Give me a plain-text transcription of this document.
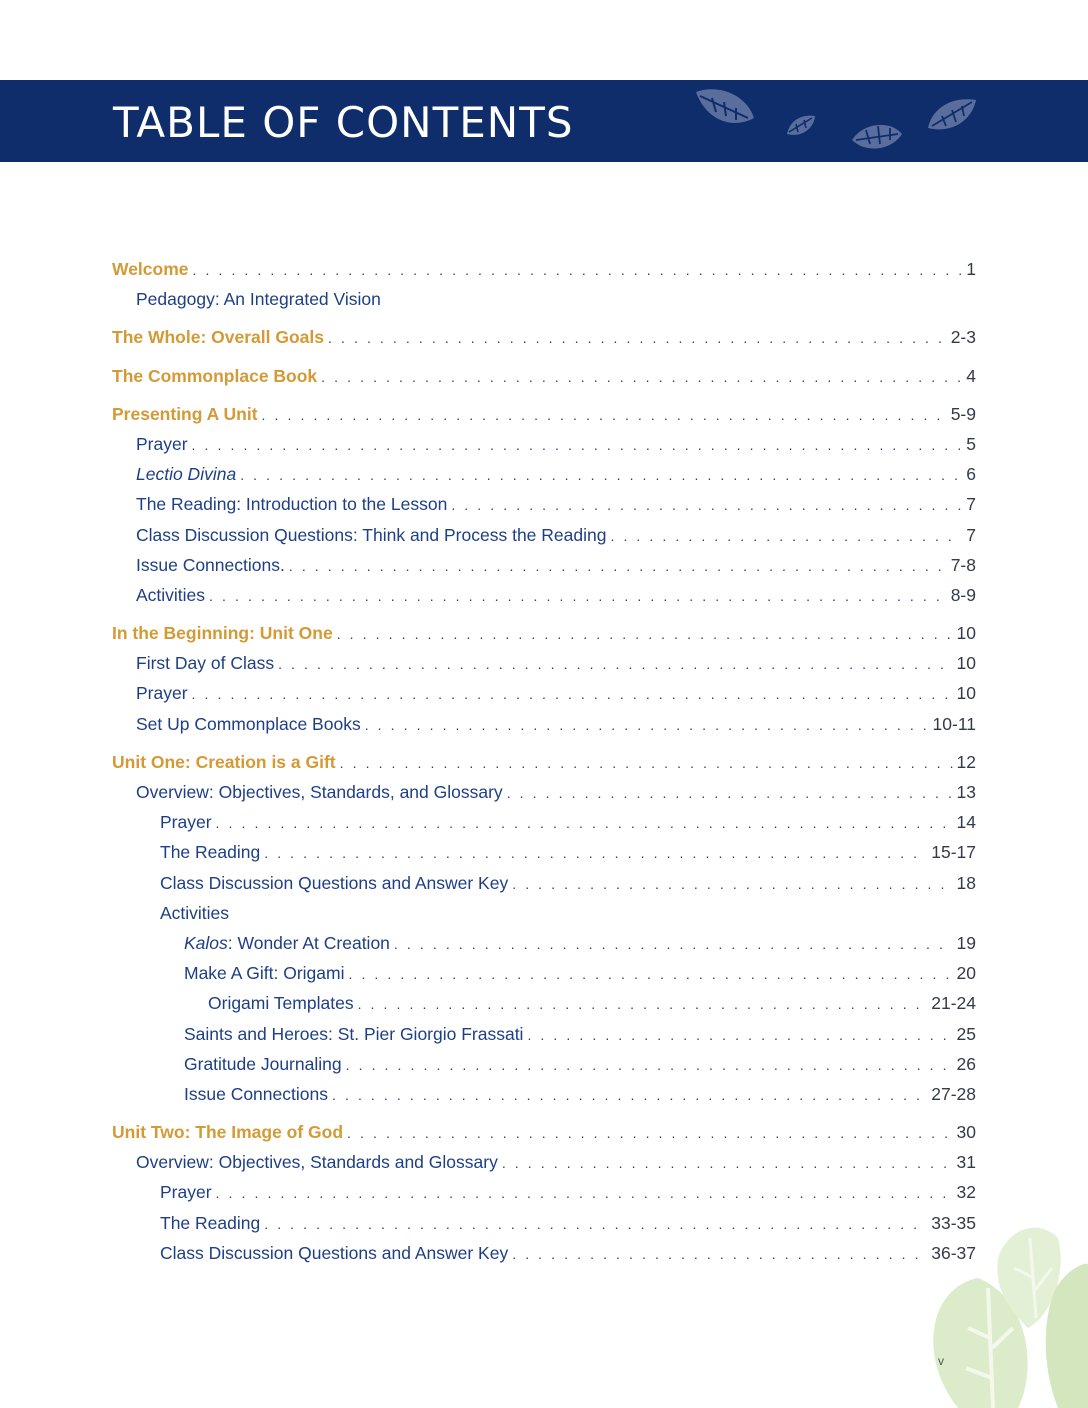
TABLE OF CONTENTS
Welcome . . .	1
Pedagogy: An Integrated Vision
The Whole: Overall Goals . . .	2-3
The Commonplace Book . . .	4
Presenting A Unit . . .	5-9
Prayer . . .	5
Lectio Divina . . .	6
The Reading: Introduction to the Lesson . . .	7
Class Discussion Questions: Think and Process the Reading . . .	7
Issue Connections. . . .	7-8
Activities . . .	8-9
In the Beginning: Unit One . . .	10
First Day of Class . . .	10
Prayer . . .	10
Set Up Commonplace Books . . .	10-11
Unit One: Creation is a Gift . . .	12
Overview: Objectives, Standards, and Glossary . . .	13
Prayer . . .	14
The Reading . . .	15-17
Class Discussion Questions and Answer Key . . .	18
Activities
Kalos: Wonder At Creation . . .	19
Make A Gift: Origami . . .	20
Origami Templates . . .	21-24
Saints and Heroes: St. Pier Giorgio Frassati . . .	25
Gratitude Journaling . . .	26
Issue Connections . . .	27-28
Unit Two: The Image of God . . .	30
Overview: Objectives, Standards and Glossary . . .	31
Prayer . . .	32
The Reading . . .	33-35
Class Discussion Questions and Answer Key . . .	36-37
v
